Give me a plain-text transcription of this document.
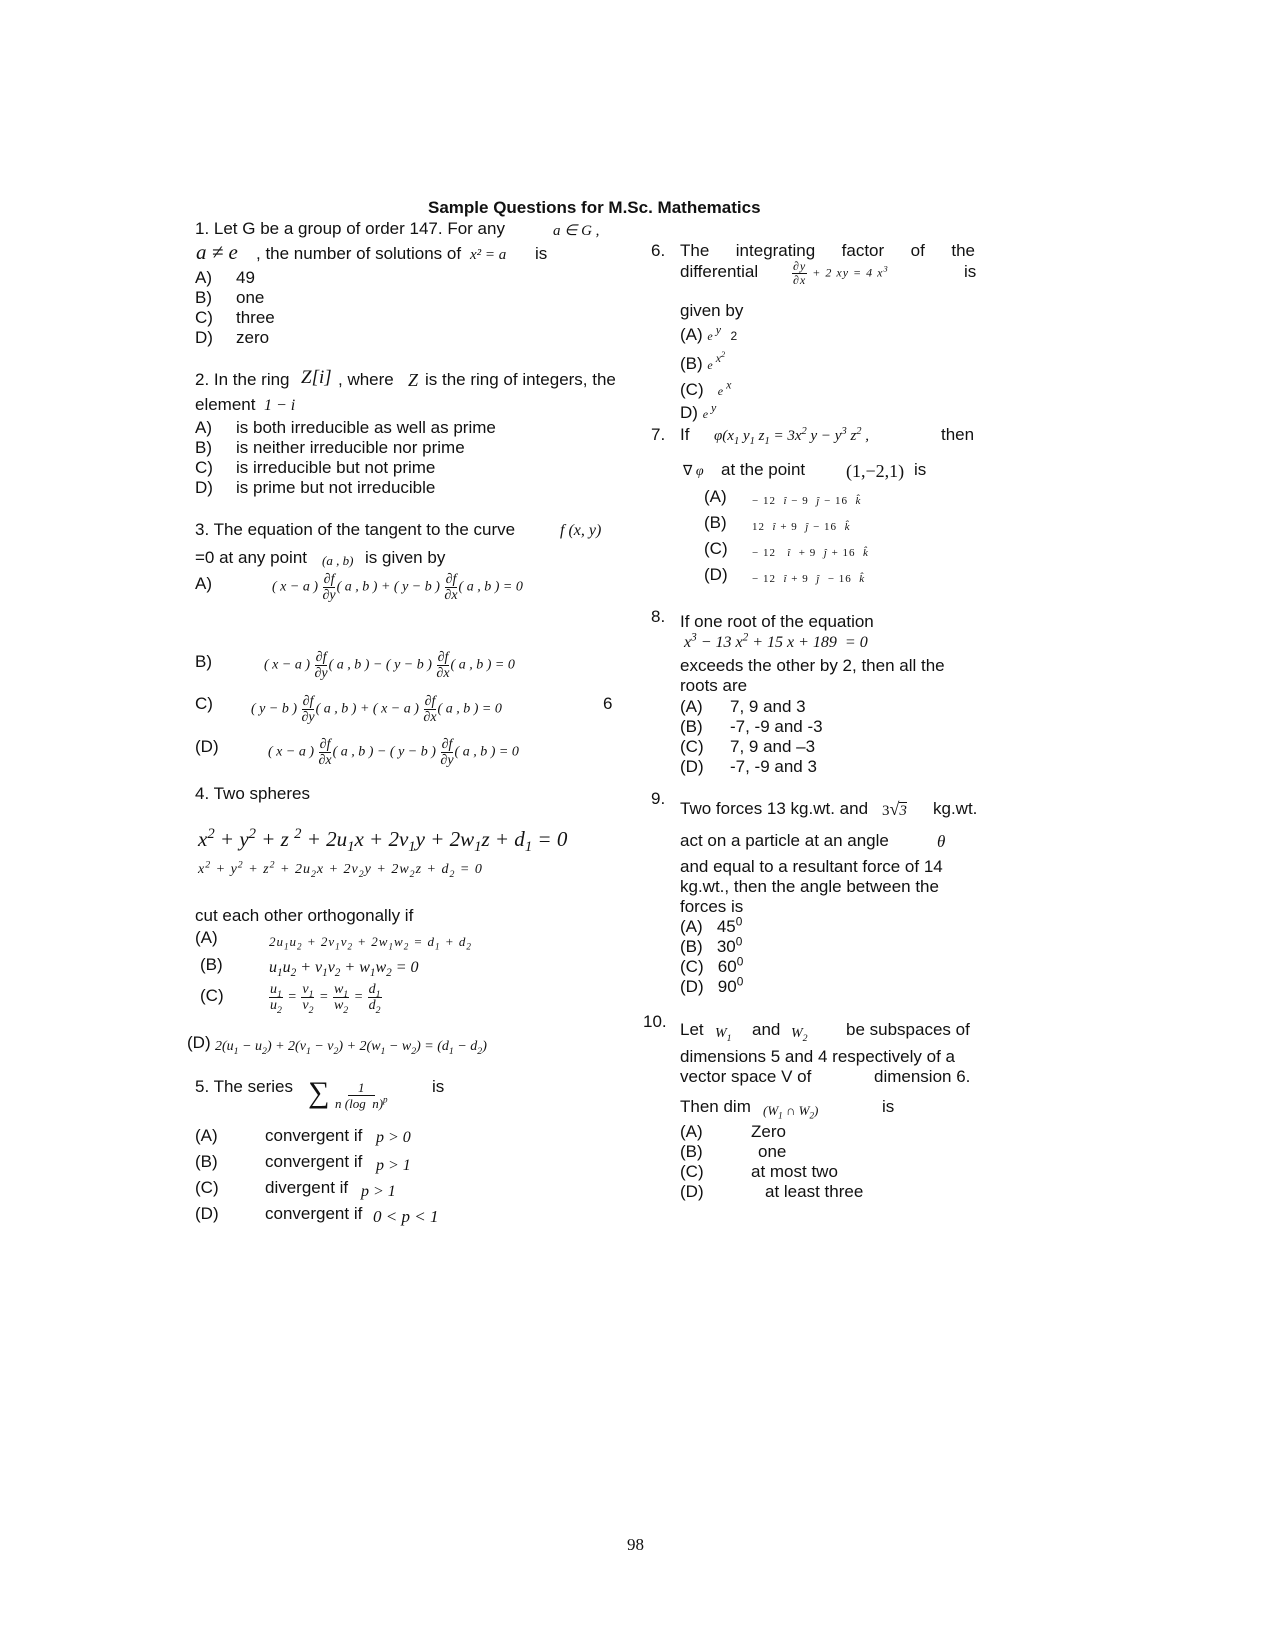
Sample Questions for M.Sc. Mathematics
1. Let G be a group of order 147. For any	a ∈ G ,
a ≠ e , the number of solutions of x² = a is
A) 49
B) one
C) three
D) zero
2. In the ring Z[i] , where Z is the ring of integers, the
element 1 − i
A) is both irreducible as well as prime
B) is neither irreducible nor prime
C) is irreducible but not prime
D) is prime but not irreducible
3. The equation of the tangent to the curve	f (x, y)
=0 at any point (a , b) is given by
A)	( x − a ) $\frac{\partial f}{\partial y}$ ( a , b ) + ( y − b ) $\frac{\partial f}{\partial x}$ ( a , b ) = 0
B)	( x − a ) $\frac{\partial f}{\partial y}$ ( a , b ) − ( y − b ) $\frac{\partial f}{\partial x}$ ( a , b ) = 0
C)	( y − b ) $\frac{\partial f}{\partial y}$ ( a , b ) + ( x − a ) $\frac{\partial f}{\partial x}$ ( a , b ) = 0	6
(D)	( x − a ) $\frac{\partial f}{\partial x}$ ( a , b ) − ( y − b ) $\frac{\partial f}{\partial y}$ ( a , b ) = 0
4. Two spheres
$x^2 + y^2 + z$ $^2 + 2u_1x + 2v_1y + 2w_1z + d_1 = 0$
$x^2 + y^2 + z^2 + 2u_2x + 2v_2y + 2w_2z + d_2 = 0$
cut each other orthogonally if
(A)	$2u_1u_2 + 2v_1v_2 + 2w_1w_2 = d_1 + d_2$
(B)	$u_1u_2 + v_1v_2 + w_1w_2 = 0$
(C)	$\frac{u_1}{u_2} = \frac{v_1}{v_2} = \frac{w_1}{w_2} = \frac{d_1}{d_2}$
(D) $2(u_1 - u_2) + 2(v_1 - v_2) + 2(w_1 - w_2) = (d_1 - d_2)$
5. The series ∑ $\frac{1}{n (\log n)^p}$	is
(A)	convergent if p > 0
(B)	convergent if p > 1
(C)	divergent if p > 1
(D)	convergent if 0 < p < 1
6. The integrating factor of the
differential	$\frac{\partial y}{\partial x} + 2$ xy = 4 $x^3$	is
given by
(A) e $^y$ 2
(B) e $^{x^2}$
(C) e $^x$
D) e $^y$
7. If $\varphi(x_1$ $y_1$ $z_1 = 3x^2$ $y - y^3$ $z^2$ ,	then
∇ φ at the point (1,−2,1) is
(A) − 12  î − 9  ĵ − 16  k̂
(B) 12  î + 9  ĵ − 16  k̂
(C) − 12   î  + 9  ĵ + 16  k̂
(D) − 12  î + 9  ĵ  − 16  k̂
8. If one root of the equation
$x^3 - 13$ $x^2 + 15$ x + 189  = 0
exceeds the other by 2, then all the
roots are
(A) 7, 9 and 3
(B) -7, -9 and -3
(C) 7, 9 and –3
(D) -7, -9 and 3
9.
Two forces 13 kg.wt. and 3√3 kg.wt.
act on a particle at an angle	θ
and equal to a resultant force of 14
kg.wt., then the angle between the
forces is
(A) $45^0$
(B) $30^0$
(C) $60^0$
(D) $90^0$
10. Let $W_1$ and $W_2$ be subspaces of
dimensions 5 and 4 respectively of a
vector space V of	dimension 6.
Then dim ($W_1$ ∩ $W_2$)	is
(A)	Zero
(B)	one
(C)	at most two
(D)	at least three
98
